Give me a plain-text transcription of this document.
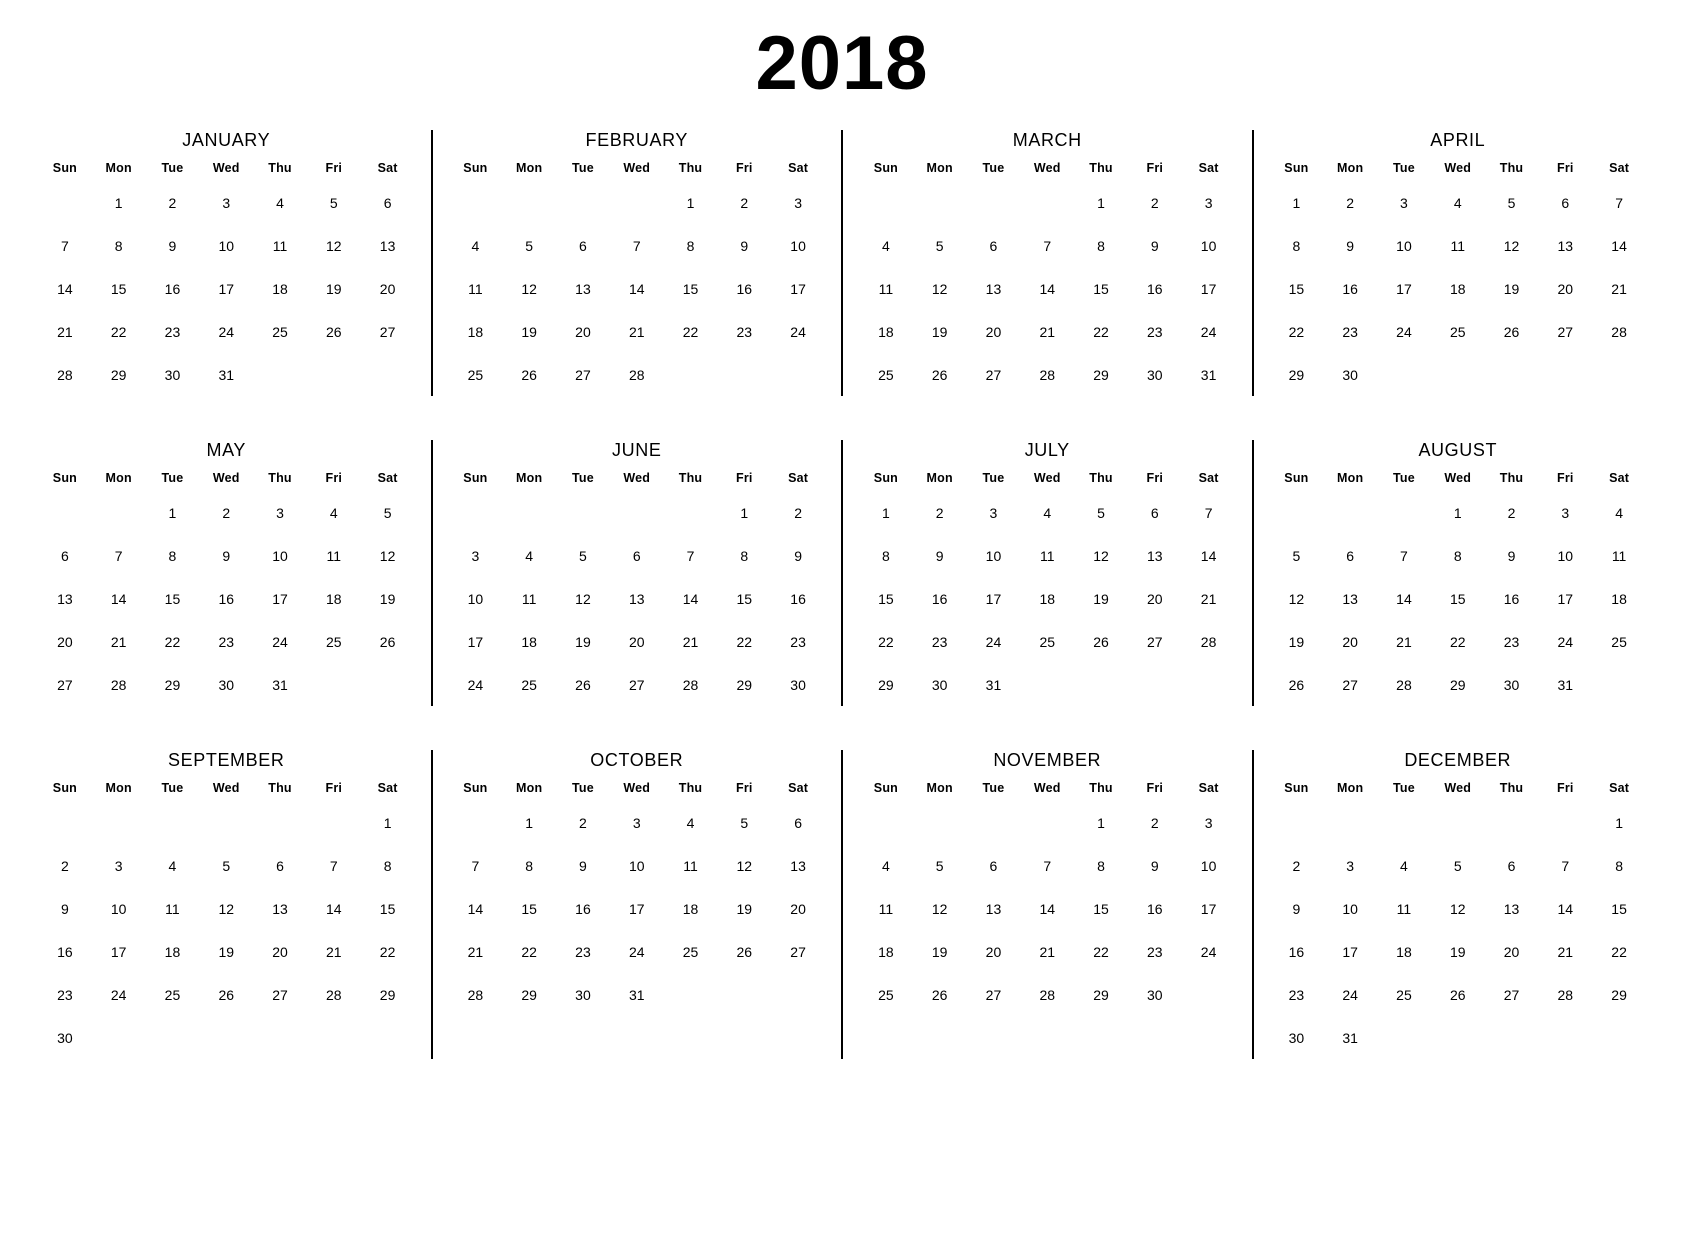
2018
JANUARY
Sun	Mon	Tue	Wed	Thu	Fri	Sat
	1	2	3	4	5	6
7	8	9	10	11	12	13
14	15	16	17	18	19	20
21	22	23	24	25	26	27
28	29	30	31			
FEBRUARY
Sun	Mon	Tue	Wed	Thu	Fri	Sat
				1	2	3
4	5	6	7	8	9	10
11	12	13	14	15	16	17
18	19	20	21	22	23	24
25	26	27	28			
MARCH
Sun	Mon	Tue	Wed	Thu	Fri	Sat
				1	2	3
4	5	6	7	8	9	10
11	12	13	14	15	16	17
18	19	20	21	22	23	24
25	26	27	28	29	30	31
APRIL
Sun	Mon	Tue	Wed	Thu	Fri	Sat
1	2	3	4	5	6	7
8	9	10	11	12	13	14
15	16	17	18	19	20	21
22	23	24	25	26	27	28
29	30					
MAY
Sun	Mon	Tue	Wed	Thu	Fri	Sat
		1	2	3	4	5
6	7	8	9	10	11	12
13	14	15	16	17	18	19
20	21	22	23	24	25	26
27	28	29	30	31		
JUNE
Sun	Mon	Tue	Wed	Thu	Fri	Sat
					1	2
3	4	5	6	7	8	9
10	11	12	13	14	15	16
17	18	19	20	21	22	23
24	25	26	27	28	29	30
JULY
Sun	Mon	Tue	Wed	Thu	Fri	Sat
1	2	3	4	5	6	7
8	9	10	11	12	13	14
15	16	17	18	19	20	21
22	23	24	25	26	27	28
29	30	31				
AUGUST
Sun	Mon	Tue	Wed	Thu	Fri	Sat
			1	2	3	4
5	6	7	8	9	10	11
12	13	14	15	16	17	18
19	20	21	22	23	24	25
26	27	28	29	30	31	
SEPTEMBER
Sun	Mon	Tue	Wed	Thu	Fri	Sat
						1
2	3	4	5	6	7	8
9	10	11	12	13	14	15
16	17	18	19	20	21	22
23	24	25	26	27	28	29
30						
OCTOBER
Sun	Mon	Tue	Wed	Thu	Fri	Sat
	1	2	3	4	5	6
7	8	9	10	11	12	13
14	15	16	17	18	19	20
21	22	23	24	25	26	27
28	29	30	31			
NOVEMBER
Sun	Mon	Tue	Wed	Thu	Fri	Sat
				1	2	3
4	5	6	7	8	9	10
11	12	13	14	15	16	17
18	19	20	21	22	23	24
25	26	27	28	29	30	
DECEMBER
Sun	Mon	Tue	Wed	Thu	Fri	Sat
						1
2	3	4	5	6	7	8
9	10	11	12	13	14	15
16	17	18	19	20	21	22
23	24	25	26	27	28	29
30	31					
